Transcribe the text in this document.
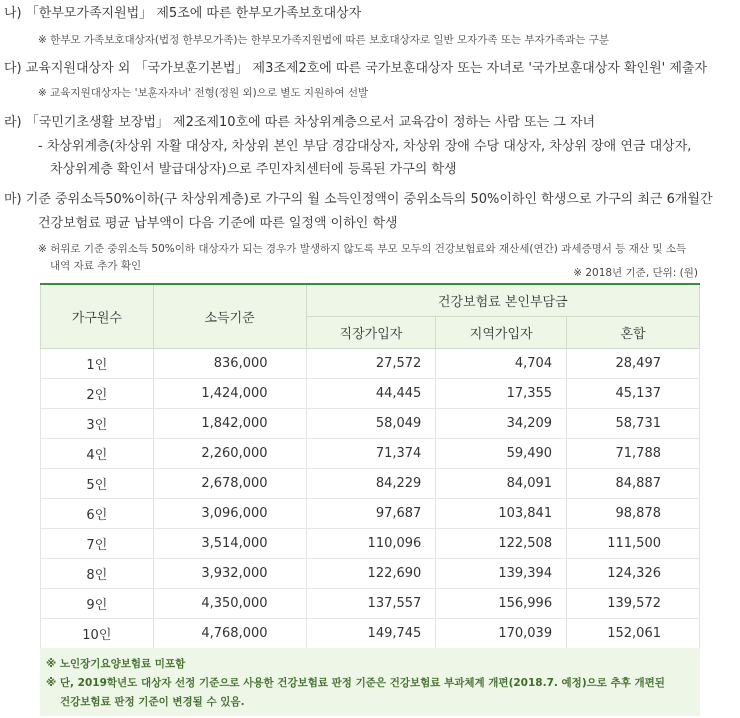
나) 「한부모가족지원법」 제5조에 따른 한부모가족보호대상자
※ 한부모 가족보호대상자(법정 한부모가족)는 한부모가족지원법에 따른 보호대상자로 일반 모자가족 또는 부자가족과는 구분
다) 교육지원대상자 외 「국가보훈기본법」 제3조제2호에 따른 국가보훈대상자 또는 자녀로 '국가보훈대상자 확인원' 제출자
※ 교육지원대상자는 '보훈자자녀' 전형(정원 외)으로 별도 지원하여 선발
라) 「국민기초생활 보장법」 제2조제10호에 따른 차상위계층으로서 교육감이 정하는 사람 또는 그 자녀
- 차상위계층(차상위 자활 대상자, 차상위 본인 부담 경감대상자, 차상위 장애 수당 대상자, 차상위 장애 연금 대상자,
차상위계층 확인서 발급대상자)으로 주민자치센터에 등록된 가구의 학생
마) 기준 중위소득50%이하(구 차상위계층)로 가구의 월 소득인정액이 중위소득의 50%이하인 학생으로 가구의 최근 6개월간
건강보험료 평균 납부액이 다음 기준에 따른 일정액 이하인 학생
※ 허위로 기준 중위소득 50%이하 대상자가 되는 경우가 발생하지 않도록 부모 모두의 건강보험료와 재산세(연간) 과세증명서 등 재산 및 소득
내역 자료 추가 확인
※ 2018년 기준, 단위: (원)
가구원수	소득기준	건강보험료 본인부담금		
		직장가입자	지역가입자	혼합
1인	836,000	27,572	4,704	28,497
2인	1,424,000	44,445	17,355	45,137
3인	1,842,000	58,049	34,209	58,731
4인	2,260,000	71,374	59,490	71,788
5인	2,678,000	84,229	84,091	84,887
6인	3,096,000	97,687	103,841	98,878
7인	3,514,000	110,096	122,508	111,500
8인	3,932,000	122,690	139,394	124,326
9인	4,350,000	137,557	156,996	139,572
10인	4,768,000	149,745	170,039	152,061
※ 노인장기요양보험료 미포함
※ 단, 2019학년도 대상자 선정 기준으로 사용한 건강보험료 판정 기준은 건강보험료 부과체계 개편(2018.7. 예정)으로 추후 개편된
건강보험료 판정 기준이 변경될 수 있음.
